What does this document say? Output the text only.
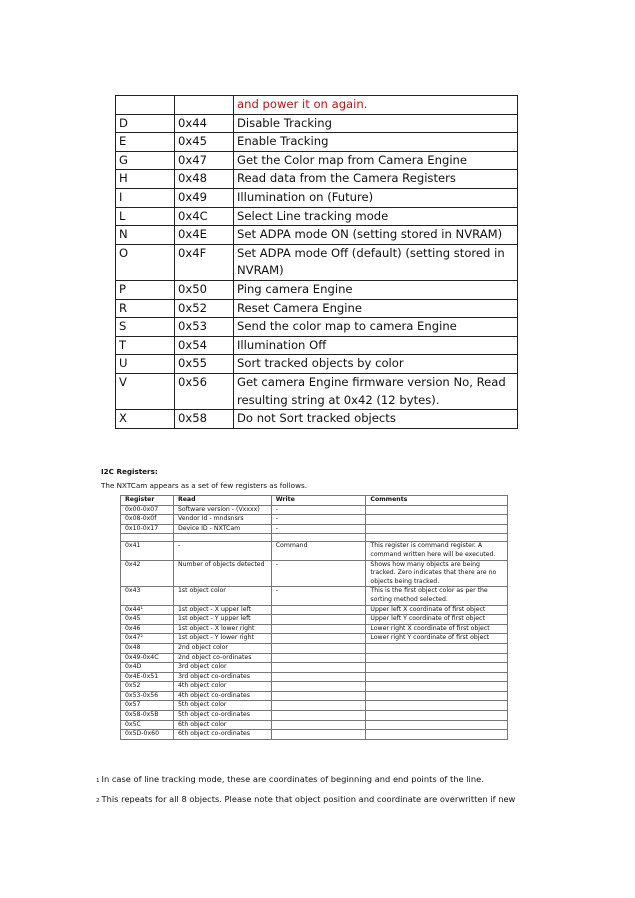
		and power it on again.
D	0x44	Disable Tracking
E	0x45	Enable Tracking
G	0x47	Get the Color map from Camera Engine
H	0x48	Read data from the Camera Registers
I	0x49	Illumination on (Future)
L	0x4C	Select Line tracking mode
N	0x4E	Set ADPA mode ON (setting stored in NVRAM)
O	0x4F	Set ADPA mode Off (default) (setting stored in NVRAM)
P	0x50	Ping camera Engine
R	0x52	Reset Camera Engine
S	0x53	Send the color map to camera Engine
T	0x54	Illumination Off
U	0x55	Sort tracked objects by color
V	0x56	Get camera Engine firmware version No, Read resulting string at 0x42 (12 bytes).
X	0x58	Do not Sort tracked objects
I2C Registers:
The NXTCam appears as a set of few registers as follows.
Register	Read	Write	Comments
0x00-0x07	Software version - (Vxxxx)	-	
0x08-0x0f	Vendor Id - mndsnsrs	-	
0x10-0x17	Device ID - NXTCam	-	

0x41	-	Command	This register is command register. A command written here will be executed.
0x42	Number of objects detected	-	Shows how many objects are being tracked. Zero indicates that there are no objects being tracked.
0x43	1st object color	-	This is the first object color as per the sorting method selected.
0x44¹	1st object - X upper left		Upper left X coordinate of first object
0x45	1st object - Y upper left		Upper left Y coordinate of first object
0x46	1st object - X lower right		Lower right X coordinate of first object
0x47²	1st object - Y lower right		Lower right Y coordinate of first object
0x48	2nd object color		
0x49-0x4C	2nd object co-ordinates		
0x4D	3rd object color		
0x4E-0x51	3rd object co-ordinates		
0x52	4th object color		
0x53-0x56	4th object co-ordinates		
0x57	5th object color		
0x58-0x5B	5th object co-ordinates		
0x5C	6th object color		
0x5D-0x60	6th object co-ordinates		
1 In case of line tracking mode, these are coordinates of beginning and end points of the line.
2 This repeats for all 8 objects. Please note that object position and coordinate are overwritten if new
